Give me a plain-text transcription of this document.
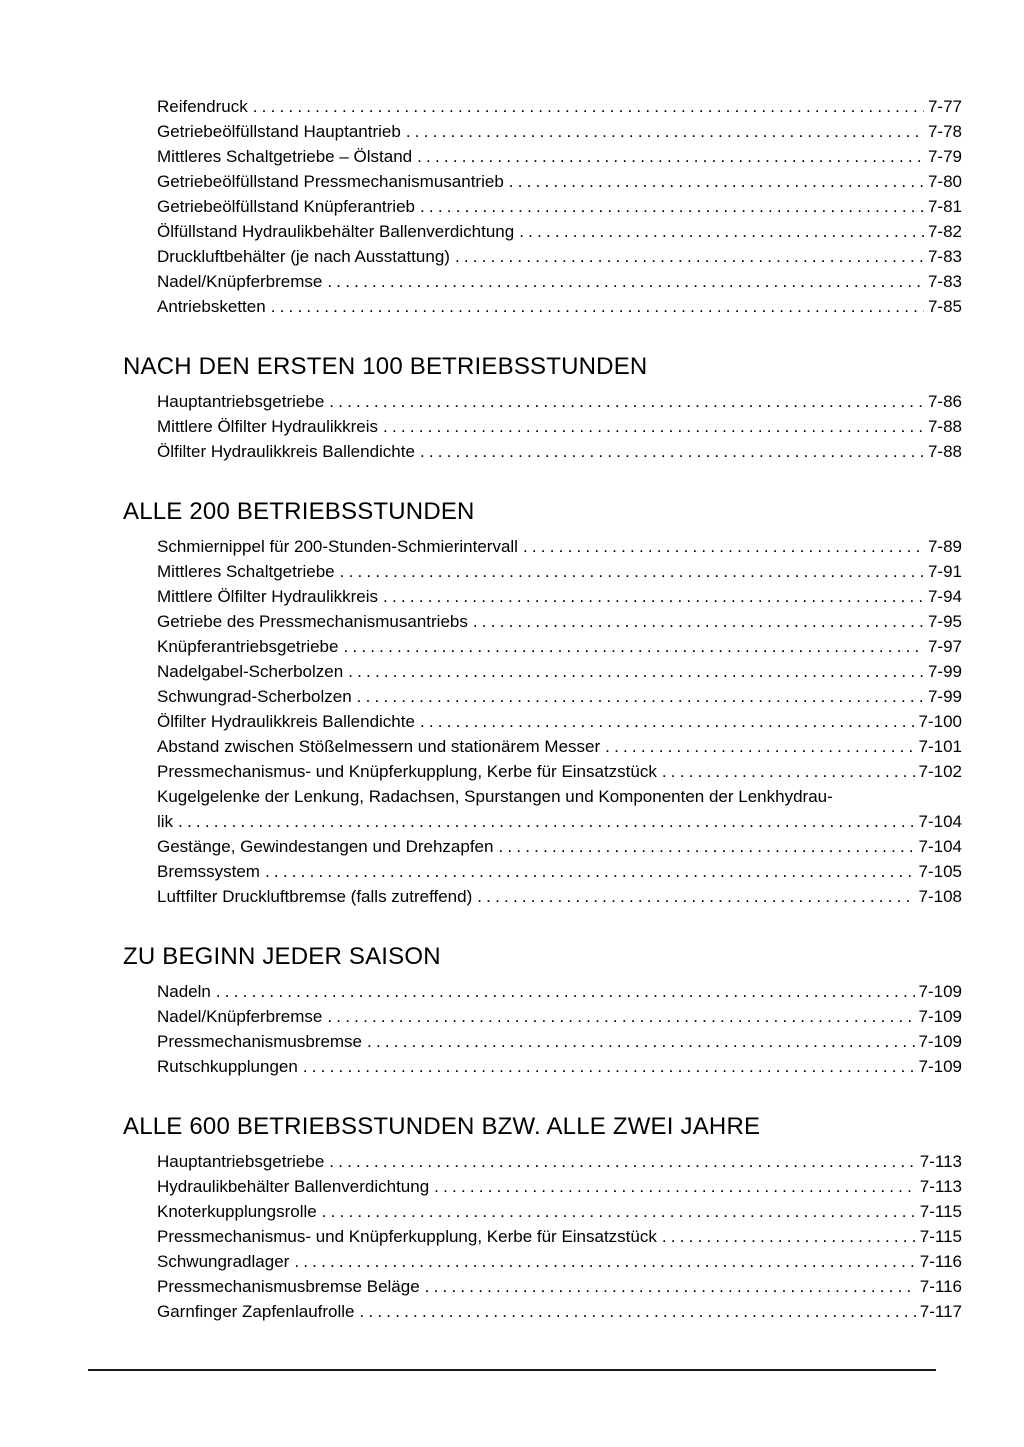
Reifendruck .....	7-77
Getriebeölfüllstand Hauptantrieb .....	7-78
Mittleres Schaltgetriebe – Ölstand .....	7-79
Getriebeölfüllstand Pressmechanismusantrieb .....	7-80
Getriebeölfüllstand Knüpferantrieb .....	7-81
Ölfüllstand Hydraulikbehälter Ballenverdichtung .....	7-82
Druckluftbehälter (je nach Ausstattung) .....	7-83
Nadel/Knüpferbremse .....	7-83
Antriebsketten .....	7-85
NACH DEN ERSTEN 100 BETRIEBSSTUNDEN
Hauptantriebsgetriebe .....	7-86
Mittlere Ölfilter Hydraulikkreis .....	7-88
Ölfilter Hydraulikkreis Ballendichte .....	7-88
ALLE 200 BETRIEBSSTUNDEN
Schmiernippel für 200-Stunden-Schmierintervall .....	7-89
Mittleres Schaltgetriebe .....	7-91
Mittlere Ölfilter Hydraulikkreis .....	7-94
Getriebe des Pressmechanismusantriebs .....	7-95
Knüpferantriebsgetriebe .....	7-97
Nadelgabel-Scherbolzen .....	7-99
Schwungrad-Scherbolzen .....	7-99
Ölfilter Hydraulikkreis Ballendichte .....	7-100
Abstand zwischen Stößelmessern und stationärem Messer .....	7-101
Pressmechanismus- und Knüpferkupplung, Kerbe für Einsatzstück .....	7-102
Kugelgelenke der Lenkung, Radachsen, Spurstangen und Komponenten der Lenkhydrau-
lik .....	7-104
Gestänge, Gewindestangen und Drehzapfen .....	7-104
Bremssystem .....	7-105
Luftfilter Druckluftbremse (falls zutreffend) .....	7-108
ZU BEGINN JEDER SAISON
Nadeln .....	7-109
Nadel/Knüpferbremse .....	7-109
Pressmechanismusbremse .....	7-109
Rutschkupplungen .....	7-109
ALLE 600 BETRIEBSSTUNDEN BZW. ALLE ZWEI JAHRE
Hauptantriebsgetriebe .....	7-113
Hydraulikbehälter Ballenverdichtung .....	7-113
Knoterkupplungsrolle .....	7-115
Pressmechanismus- und Knüpferkupplung, Kerbe für Einsatzstück .....	7-115
Schwungradlager .....	7-116
Pressmechanismusbremse Beläge .....	7-116
Garnfinger Zapfenlaufrolle .....	7-117
